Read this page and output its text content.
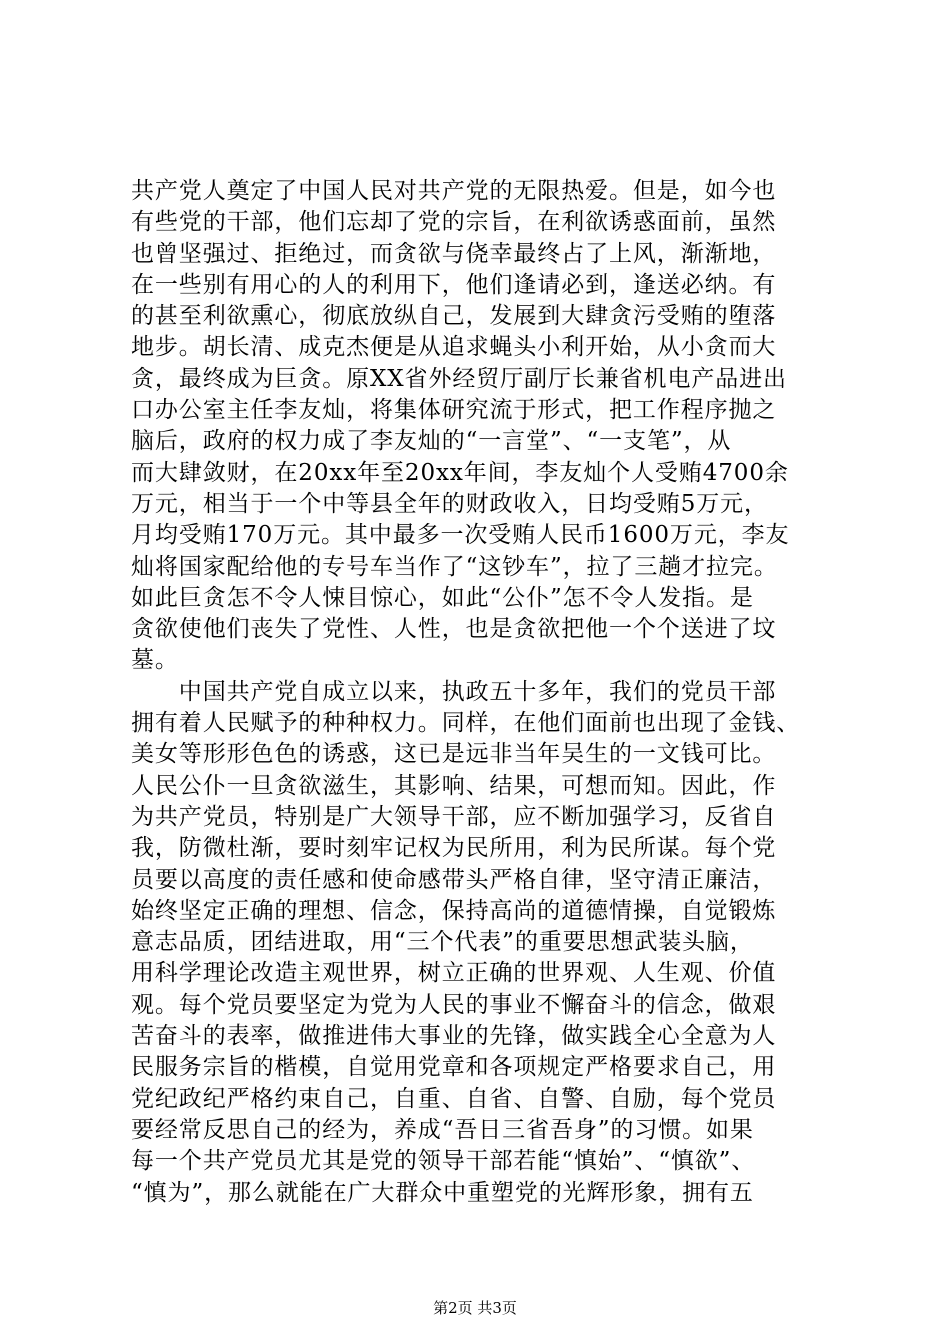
共产党人奠定了中国人民对共产党的无限热爱。但是，如今也
有些党的干部，他们忘却了党的宗旨，在利欲诱惑面前，虽然
也曾坚强过、拒绝过，而贪欲与侥幸最终占了上风，渐渐地，
在一些别有用心的人的利用下，他们逢请必到，逢送必纳。有
的甚至利欲熏心，彻底放纵自己，发展到大肆贪污受贿的堕落
地步。胡长清、成克杰便是从追求蝇头小利开始，从小贪而大
贪，最终成为巨贪。原XX省外经贸厅副厅长兼省机电产品进出
口办公室主任李友灿，将集体研究流于形式，把工作程序抛之
脑后，政府的权力成了李友灿的“一言堂”、“一支笔”，从
而大肆敛财，在20xx年至20xx年间，李友灿个人受贿4700余
万元，相当于一个中等县全年的财政收入，日均受贿5万元，
月均受贿170万元。其中最多一次受贿人民币1600万元，李友
灿将国家配给他的专号车当作了“这钞车”，拉了三趟才拉完。
如此巨贪怎不令人悚目惊心，如此“公仆”怎不令人发指。是
贪欲使他们丧失了党性、人性，也是贪欲把他一个个送进了坟
墓。
　　中国共产党自成立以来，执政五十多年，我们的党员干部
拥有着人民赋予的种种权力。同样，在他们面前也出现了金钱、
美女等形形色色的诱惑，这已是远非当年吴生的一文钱可比。
人民公仆一旦贪欲滋生，其影响、结果，可想而知。因此，作
为共产党员，特别是广大领导干部，应不断加强学习，反省自
我，防微杜渐，要时刻牢记权为民所用，利为民所谋。每个党
员要以高度的责任感和使命感带头严格自律，坚守清正廉洁，
始终坚定正确的理想、信念，保持高尚的道德情操，自觉锻炼
意志品质，团结进取，用“三个代表”的重要思想武装头脑，
用科学理论改造主观世界，树立正确的世界观、人生观、价值
观。每个党员要坚定为党为人民的事业不懈奋斗的信念，做艰
苦奋斗的表率，做推进伟大事业的先锋，做实践全心全意为人
民服务宗旨的楷模，自觉用党章和各项规定严格要求自己，用
党纪政纪严格约束自己，自重、自省、自警、自励，每个党员
要经常反思自己的经为，养成“吾日三省吾身”的习惯。如果
每一个共产党员尤其是党的领导干部若能“慎始”、“慎欲”、
“慎为”，那么就能在广大群众中重塑党的光辉形象，拥有五
第2页 共3页
